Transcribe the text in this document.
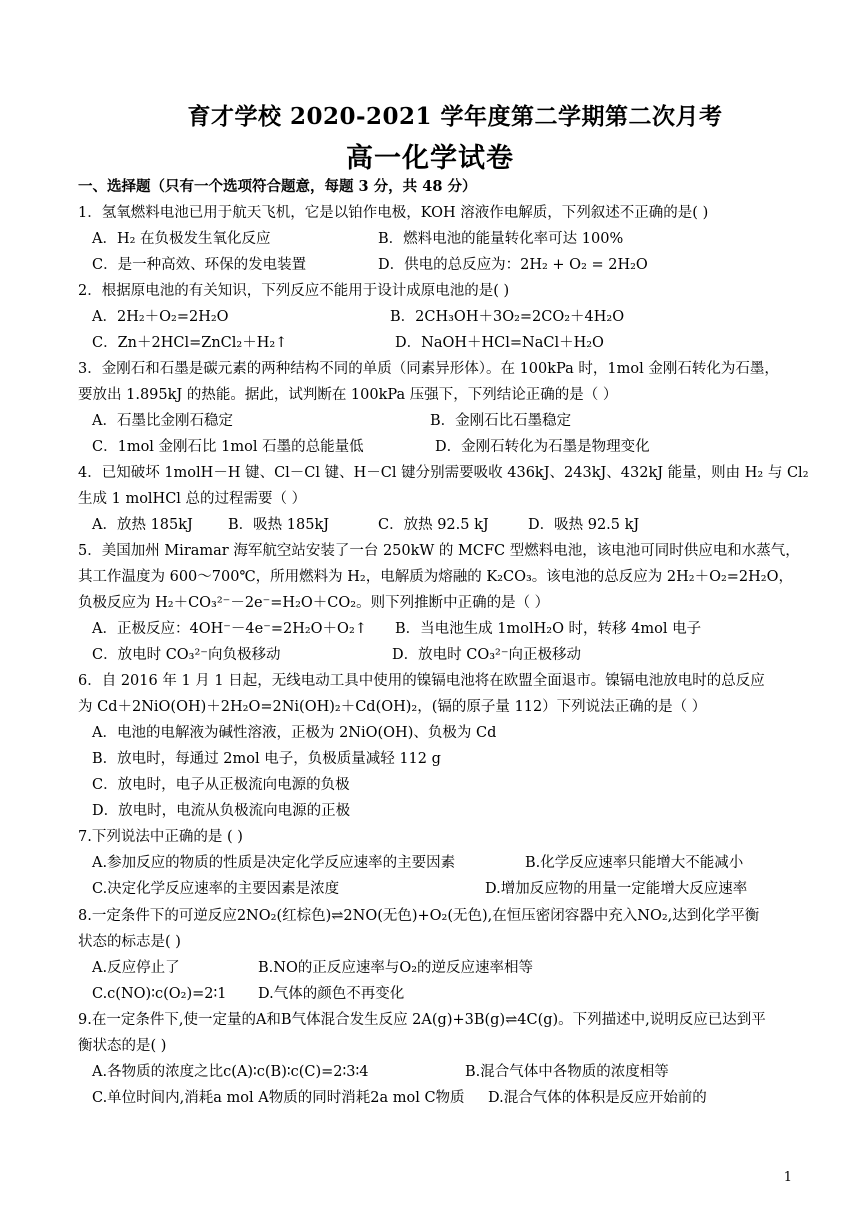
育才学校 2020-2021 学年度第二学期第二次月考
高一化学试卷
一、选择题（只有一个选项符合题意，每题 3 分，共 48 分）
1．氢氧燃料电池已用于航天飞机，它是以铂作电极，KOH 溶液作电解质，下列叙述不正确的是( )
A．H₂ 在负极发生氧化反应	B．燃料电池的能量转化率可达 100%
C．是一种高效、环保的发电装置	D．供电的总反应为：2H₂ + O₂ = 2H₂O
2．根据原电池的有关知识，下列反应不能用于设计成原电池的是( )
A．2H₂＋O₂=2H₂O	B．2CH₃OH＋3O₂=2CO₂＋4H₂O
C．Zn＋2HCl=ZnCl₂＋H₂↑	D．NaOH＋HCl=NaCl＋H₂O
3．金刚石和石墨是碳元素的两种结构不同的单质（同素异形体）。在 100kPa 时，1mol 金刚石转化为石墨，
要放出 1.895kJ 的热能。据此，试判断在 100kPa 压强下，下列结论正确的是（ ）
A．石墨比金刚石稳定	B．金刚石比石墨稳定
C．1mol 金刚石比 1mol 石墨的总能量低	D．金刚石转化为石墨是物理变化
4．已知破坏 1molH－H 键、Cl－Cl 键、H－Cl 键分别需要吸收 436kJ、243kJ、432kJ 能量，则由 H₂ 与 Cl₂
生成 1 molHCl 总的过程需要（ ）
A．放热 185kJ B．吸热 185kJ	C．放热 92.5 kJ	D．吸热 92.5 kJ
5．美国加州 Miramar 海军航空站安装了一台 250kW 的 MCFC 型燃料电池，该电池可同时供应电和水蒸气，
其工作温度为 600～700℃，所用燃料为 H₂，电解质为熔融的 K₂CO₃。该电池的总反应为 2H₂＋O₂=2H₂O，
负极反应为 H₂＋CO₃²⁻－2e⁻=H₂O＋CO₂。则下列推断中正确的是（ ）
A．正极反应：4OH⁻－4e⁻=2H₂O＋O₂↑ B．当电池生成 1molH₂O 时，转移 4mol 电子
C．放电时 CO₃²⁻向负极移动	D．放电时 CO₃²⁻向正极移动
6．自 2016 年 1 月 1 日起，无线电动工具中使用的镍镉电池将在欧盟全面退市。镍镉电池放电时的总反应
为 Cd＋2NiO(OH)＋2H₂O=2Ni(OH)₂＋Cd(OH)₂，(镉的原子量 112）下列说法正确的是（ ）
A．电池的电解液为碱性溶液，正极为 2NiO(OH)、负极为 Cd
B．放电时，每通过 2mol 电子，负极质量减轻 112 g
C．放电时，电子从正极流向电源的负极
D．放电时，电流从负极流向电源的正极
7.下列说法中正确的是 ( )
A.参加反应的物质的性质是决定化学反应速率的主要因素	B.化学反应速率只能增大不能减小
C.决定化学反应速率的主要因素是浓度	D.增加反应物的用量一定能增大反应速率
8.一定条件下的可逆反应2NO₂(红棕色)⇌2NO(无色)+O₂(无色),在恒压密闭容器中充入NO₂,达到化学平衡
状态的标志是( )
A.反应停止了	B.NO的正反应速率与O₂的逆反应速率相等
C.c(NO)∶c(O₂)=2∶1 D.气体的颜色不再变化
9.在一定条件下,使一定量的A和B气体混合发生反应 2A(g)+3B(g)⇌4C(g)。下列描述中,说明反应已达到平
衡状态的是( )
A.各物质的浓度之比c(A)∶c(B)∶c(C)=2∶3∶4	B.混合气体中各物质的浓度相等
C.单位时间内,消耗a mol A物质的同时消耗2a mol C物质 D.混合气体的体积是反应开始前的
1
